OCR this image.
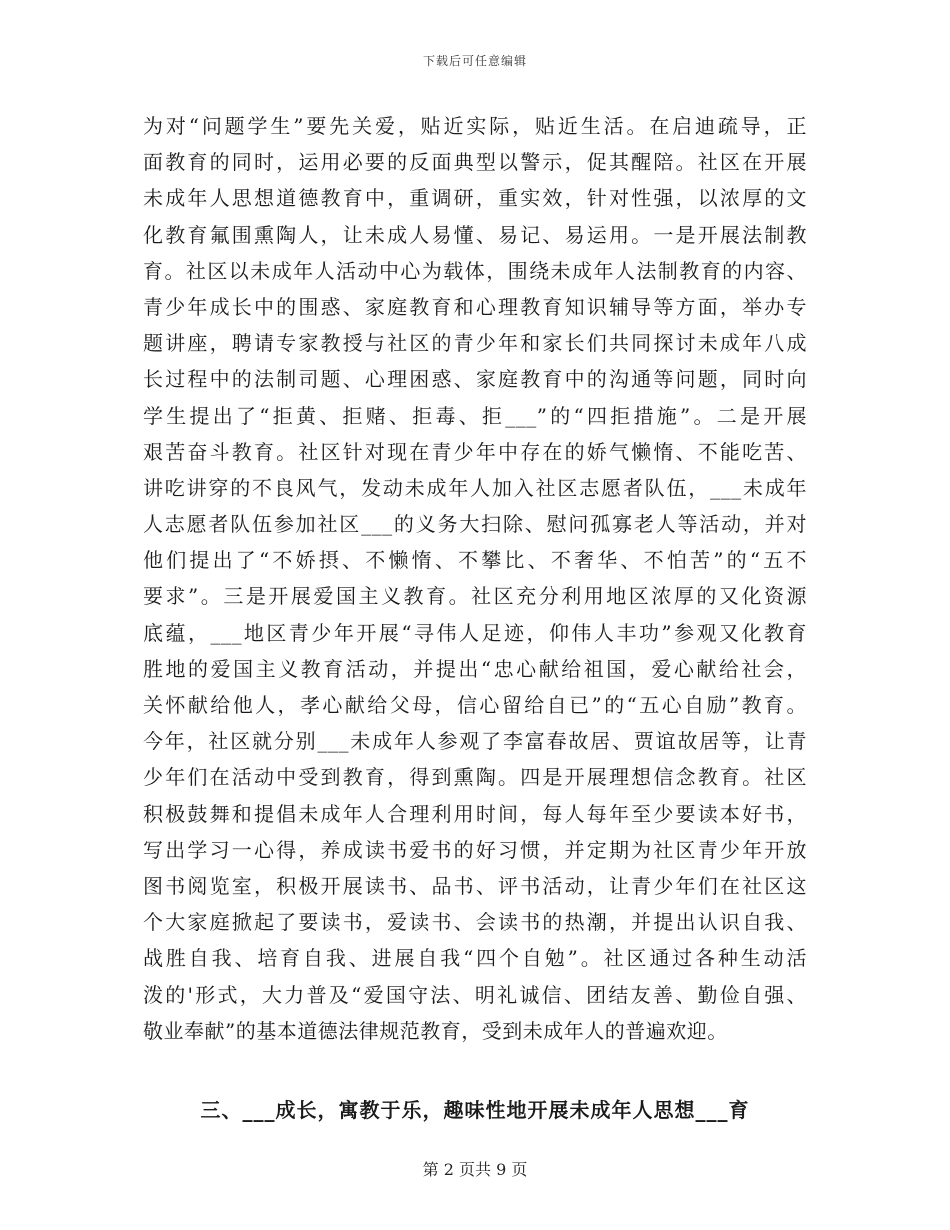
下载后可任意编辑
为对“问题学生”要先关爱，贴近实际，贴近生活。在启迪疏导，正
面教育的同时，运用必要的反面典型以警示，促其醒陪。社区在开展
未成年人思想道德教育中，重调研，重实效，针对性强，以浓厚的文
化教育氟围熏陶人，让未成人易懂、易记、易运用。一是开展法制教
育。社区以未成年人活动中心为载体，围绕未成年人法制教育的内容、
青少年成长中的围惑、家庭教育和心理教育知识辅导等方面，举办专
题讲座，聘请专家教授与社区的青少年和家长们共同探讨未成年八成
长过程中的法制司题、心理困惑、家庭教育中的沟通等问题，同时向
学生提出了“拒黄、拒赌、拒毒、拒___”的“四拒措施”。二是开展
艰苦奋斗教育。社区针对现在青少年中存在的娇气懒惰、不能吃苦、
讲吃讲穿的不良风气，发动未成年人加入社区志愿者队伍，___未成年
人志愿者队伍参加社区___的义务大扫除、慰问孤寡老人等活动，并对
他们提出了“不娇摂、不懒惰、不攀比、不奢华、不怕苦”的“五不
要求”。三是开展爱国主义教育。社区充分利用地区浓厚的又化资源
底蕴，___地区青少年开展“寻伟人足迹，仰伟人丰功”参观又化教育
胜地的爱国主义教育活动，并提出“忠心献给祖国，爱心献给社会，
关怀献给他人，孝心献给父母，信心留给自已”的“五心自励”教育。
今年，社区就分别___未成年人参观了李富春故居、贾谊故居等，让青
少年们在活动中受到教育，得到熏陶。四是开展理想信念教育。社区
积极鼓舞和提倡未成年人合理利用时间，每人每年至少要读本好书，
写出学习一心得，养成读书爱书的好习惯，并定期为社区青少年开放
图书阅览室，积极开展读书、品书、评书活动，让青少年们在社区这
个大家庭掀起了要读书，爱读书、会读书的热潮，并提出认识自我、
战胜自我、培育自我、进展自我“四个自勉”。社区通过各种生动活
泼的'形式，大力普及“爱国守法、明礼诚信、团结友善、勤俭自强、
敬业奉献”的基本道德法律规范教育，受到未成年人的普遍欢迎。
三、___成长，寓教于乐，趣味性地开展未成年人思想___育
第 2 页共 9 页
